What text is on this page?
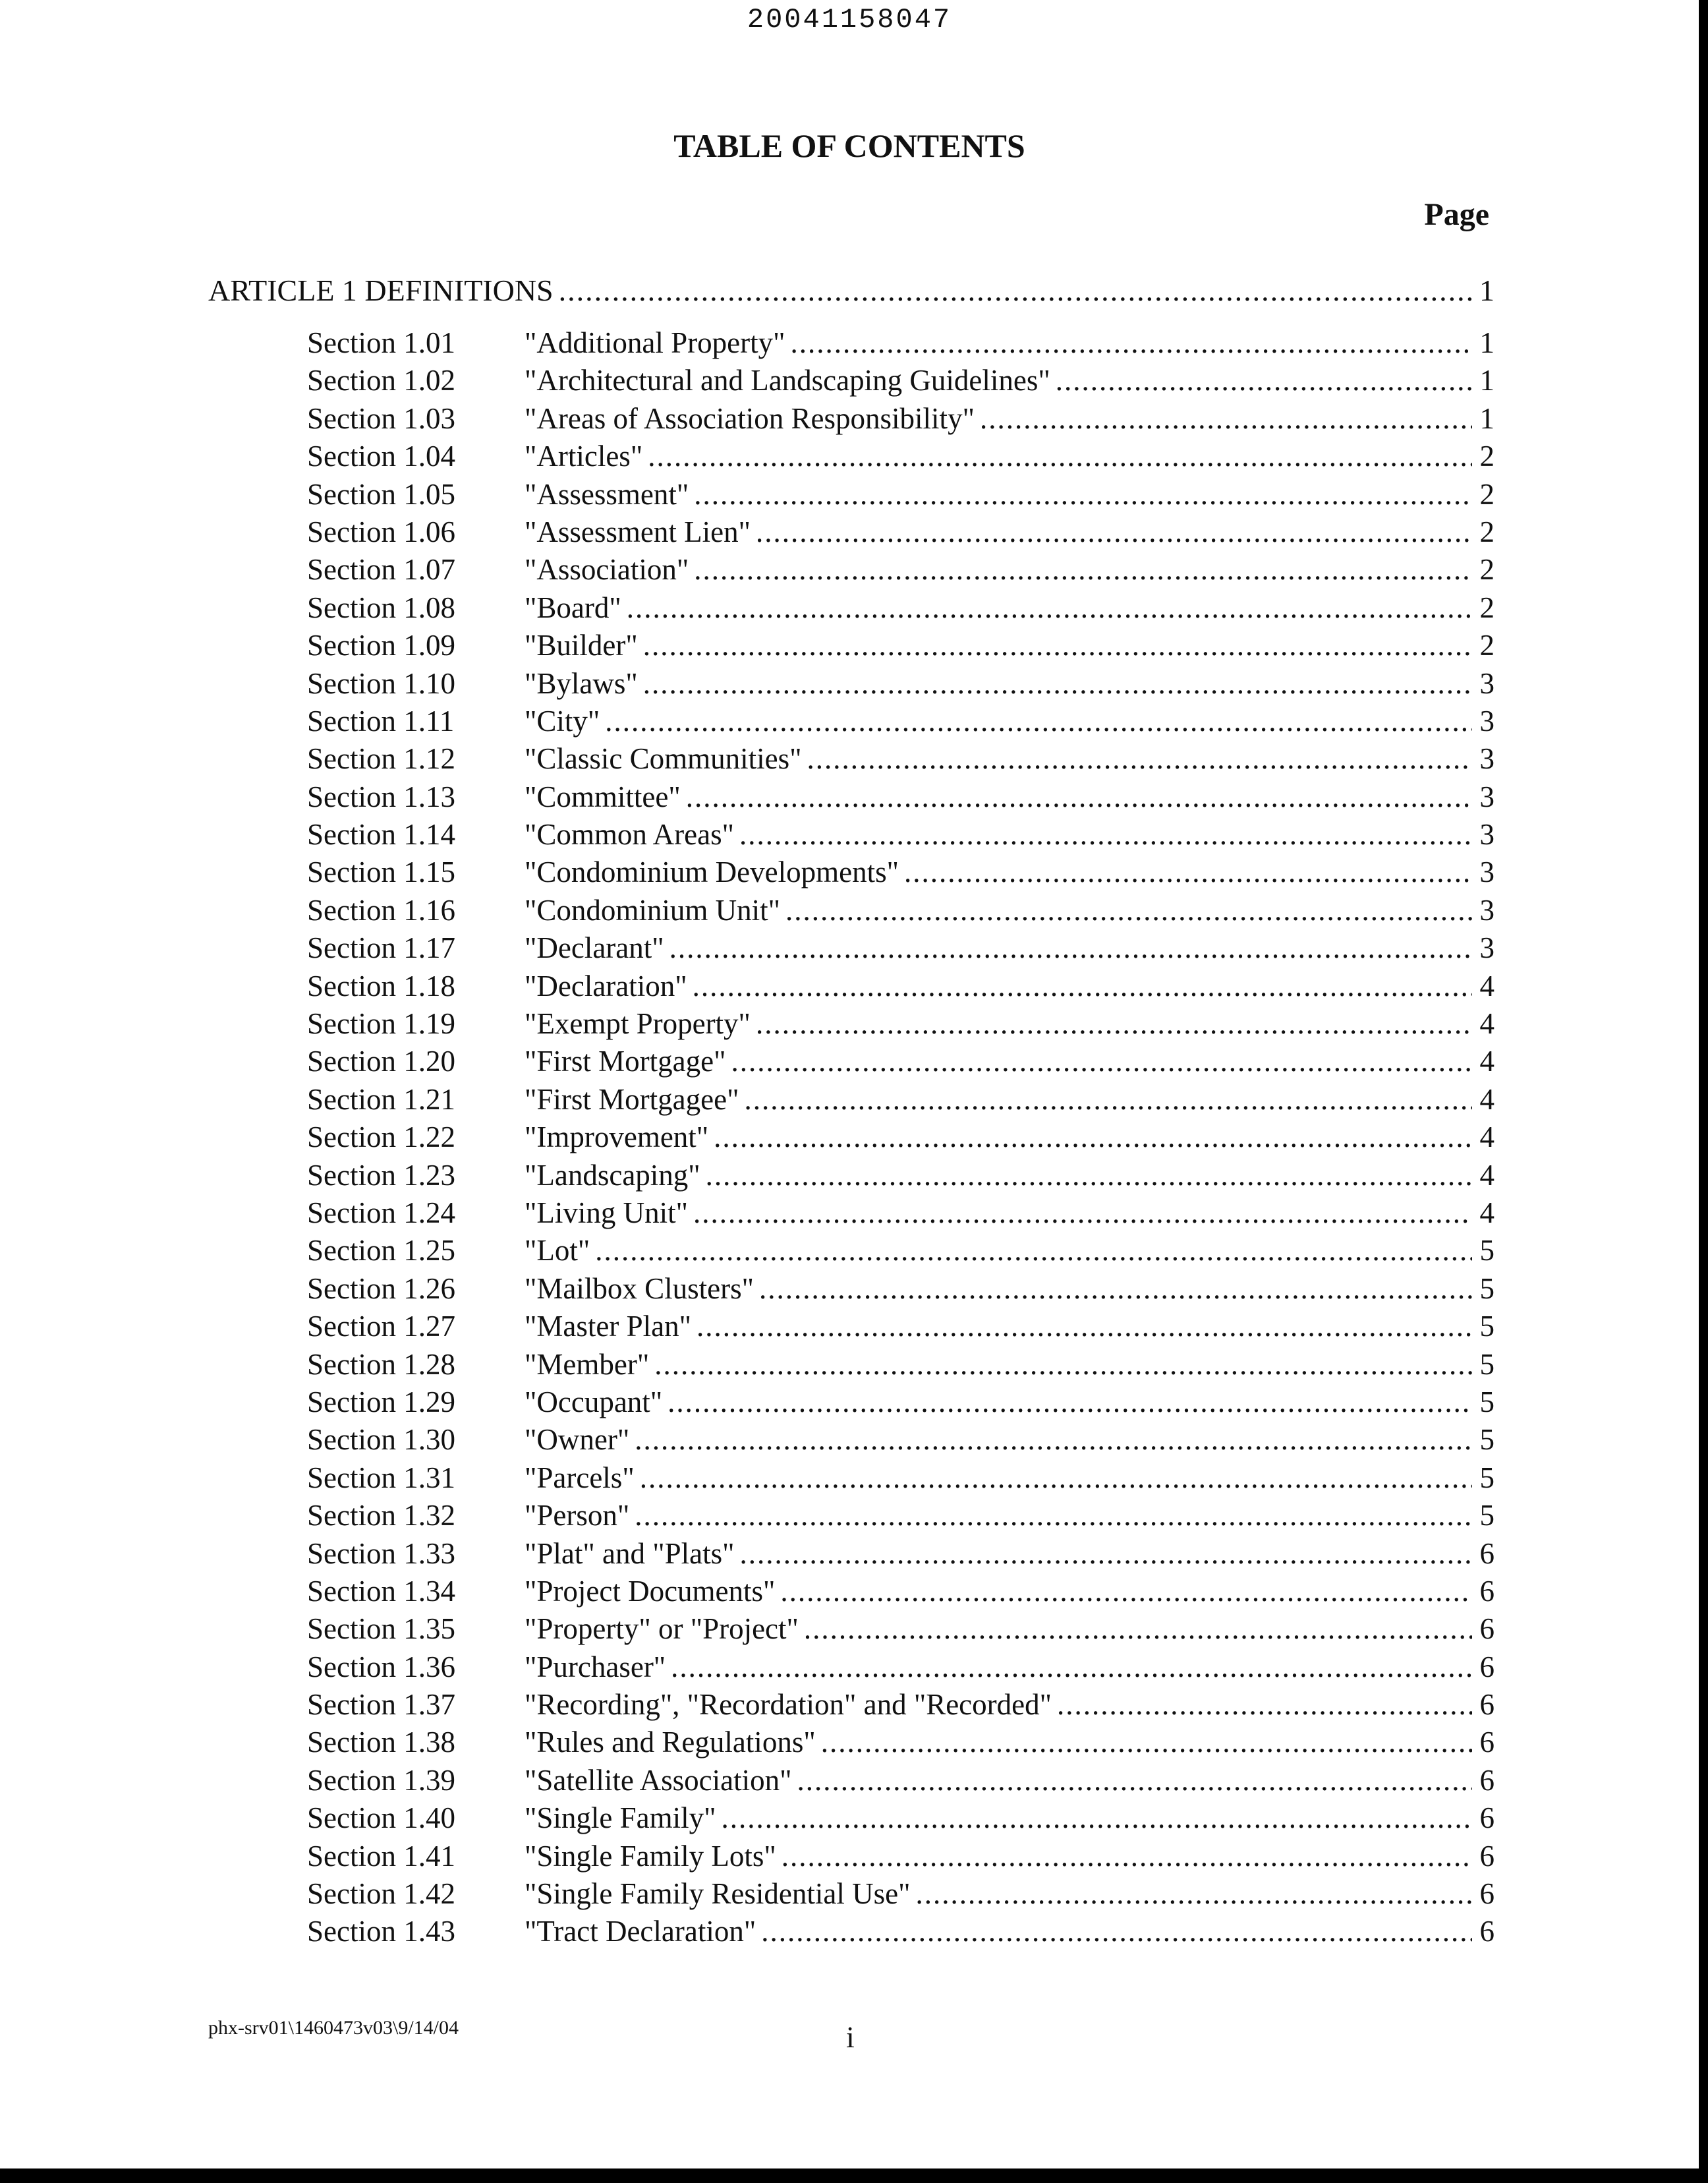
20041158047
TABLE OF CONTENTS
Page
ARTICLE 1 DEFINITIONS .....	1
Section 1.01	"Additional Property" .....	1
Section 1.02	"Architectural and Landscaping Guidelines" .....	1
Section 1.03	"Areas of Association Responsibility" .....	1
Section 1.04	"Articles" .....	2
Section 1.05	"Assessment" .....	2
Section 1.06	"Assessment Lien" .....	2
Section 1.07	"Association" .....	2
Section 1.08	"Board" .....	2
Section 1.09	"Builder" .....	2
Section 1.10	"Bylaws" .....	3
Section 1.11	"City" .....	3
Section 1.12	"Classic Communities" .....	3
Section 1.13	"Committee" .....	3
Section 1.14	"Common Areas" .....	3
Section 1.15	"Condominium Developments" .....	3
Section 1.16	"Condominium Unit" .....	3
Section 1.17	"Declarant" .....	3
Section 1.18	"Declaration" .....	4
Section 1.19	"Exempt Property" .....	4
Section 1.20	"First Mortgage" .....	4
Section 1.21	"First Mortgagee" .....	4
Section 1.22	"Improvement" .....	4
Section 1.23	"Landscaping" .....	4
Section 1.24	"Living Unit" .....	4
Section 1.25	"Lot" .....	5
Section 1.26	"Mailbox Clusters" .....	5
Section 1.27	"Master Plan" .....	5
Section 1.28	"Member" .....	5
Section 1.29	"Occupant" .....	5
Section 1.30	"Owner" .....	5
Section 1.31	"Parcels" .....	5
Section 1.32	"Person" .....	5
Section 1.33	"Plat" and "Plats" .....	6
Section 1.34	"Project Documents" .....	6
Section 1.35	"Property" or "Project" .....	6
Section 1.36	"Purchaser" .....	6
Section 1.37	"Recording", "Recordation" and "Recorded" .....	6
Section 1.38	"Rules and Regulations" .....	6
Section 1.39	"Satellite Association" .....	6
Section 1.40	"Single Family" .....	6
Section 1.41	"Single Family Lots" .....	6
Section 1.42	"Single Family Residential Use" .....	6
Section 1.43	"Tract Declaration" .....	6
phx-srv01\1460473v03\9/14/04	i
